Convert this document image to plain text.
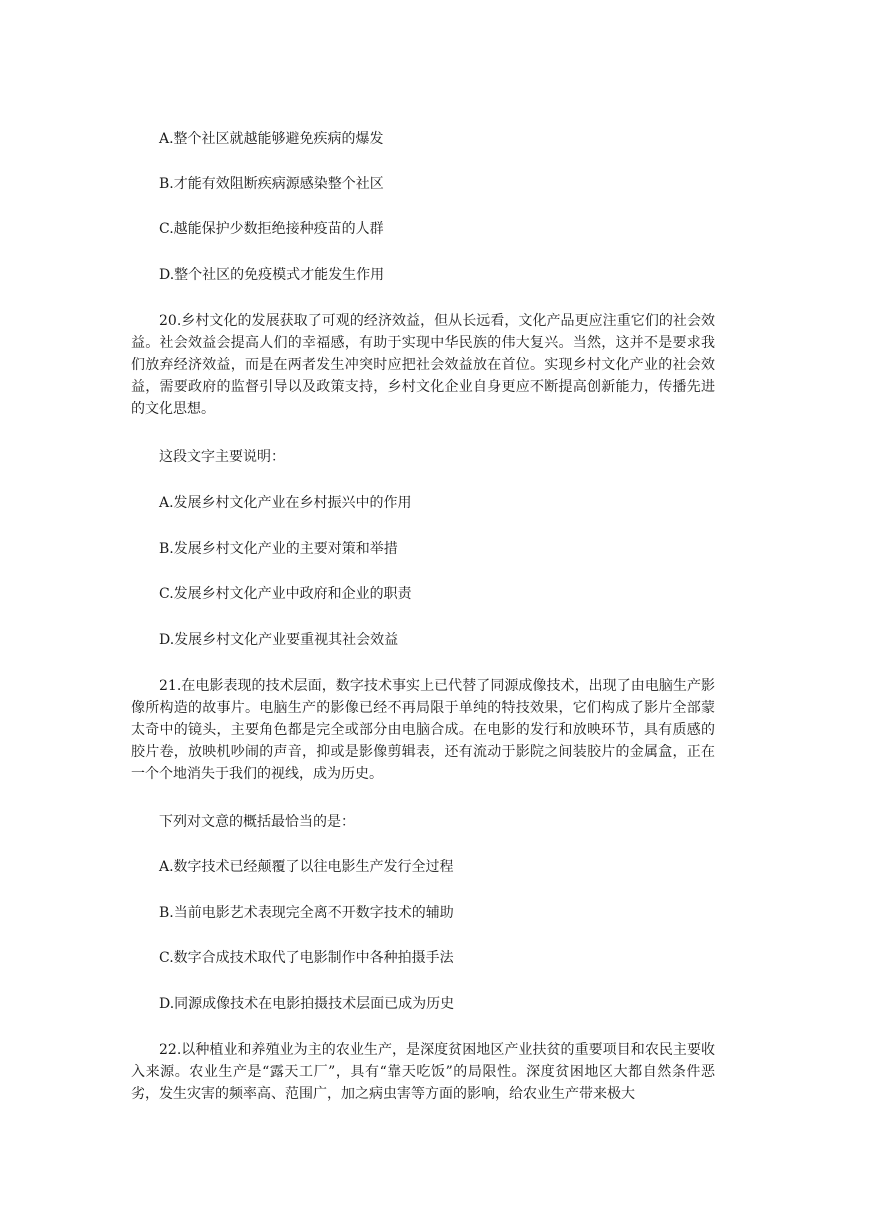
A.整个社区就越能够避免疾病的爆发
B.才能有效阻断疾病源感染整个社区
C.越能保护少数拒绝接种疫苗的人群
D.整个社区的免疫模式才能发生作用
20.乡村文化的发展获取了可观的经济效益，但从长远看，文化产品更应注重它们的社会效益。社会效益会提高人们的幸福感，有助于实现中华民族的伟大复兴。当然，这并不是要求我们放弃经济效益，而是在两者发生冲突时应把社会效益放在首位。实现乡村文化产业的社会效益，需要政府的监督引导以及政策支持，乡村文化企业自身更应不断提高创新能力，传播先进的文化思想。
这段文字主要说明：
A.发展乡村文化产业在乡村振兴中的作用
B.发展乡村文化产业的主要对策和举措
C.发展乡村文化产业中政府和企业的职责
D.发展乡村文化产业要重视其社会效益
21.在电影表现的技术层面，数字技术事实上已代替了同源成像技术，出现了由电脑生产影像所构造的故事片。电脑生产的影像已经不再局限于单纯的特技效果，它们构成了影片全部蒙太奇中的镜头，主要角色都是完全或部分由电脑合成。在电影的发行和放映环节，具有质感的胶片卷，放映机吵闹的声音，抑或是影像剪辑表，还有流动于影院之间装胶片的金属盒，正在一个个地消失于我们的视线，成为历史。
下列对文意的概括最恰当的是：
A.数字技术已经颠覆了以往电影生产发行全过程
B.当前电影艺术表现完全离不开数字技术的辅助
C.数字合成技术取代了电影制作中各种拍摄手法
D.同源成像技术在电影拍摄技术层面已成为历史
22.以种植业和养殖业为主的农业生产，是深度贫困地区产业扶贫的重要项目和农民主要收入来源。农业生产是“露天工厂”，具有“靠天吃饭”的局限性。深度贫困地区大都自然条件恶劣，发生灾害的频率高、范围广，加之病虫害等方面的影响，给农业生产带来极大
